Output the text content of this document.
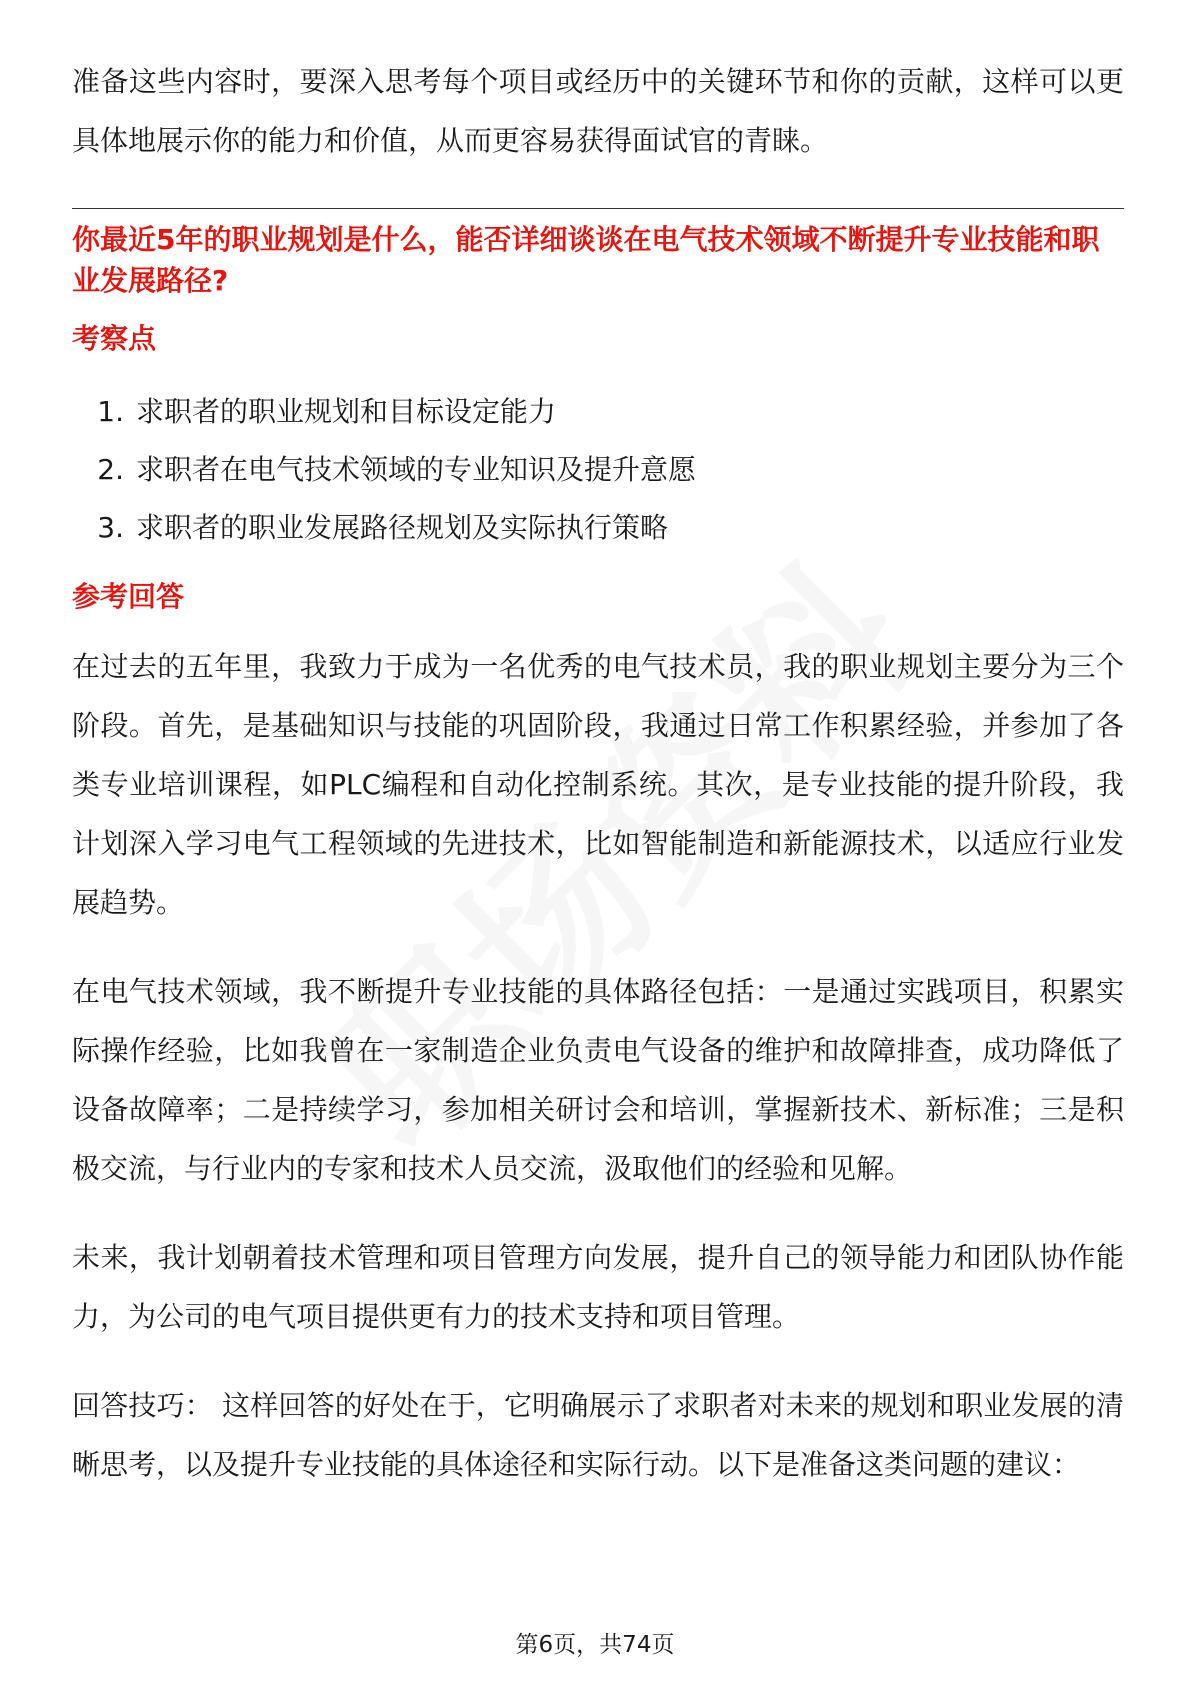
准备这些内容时，要深入思考每个项目或经历中的关键环节和你的贡献，这样可以更具体地展示你的能力和价值，从而更容易获得面试官的青睐。

你最近5年的职业规划是什么，能否详细谈谈在电气技术领域不断提升专业技能和职业发展路径?

考察点
1. 求职者的职业规划和目标设定能力
2. 求职者在电气技术领域的专业知识及提升意愿
3. 求职者的职业发展路径规划及实际执行策略
参考回答

在过去的五年里，我致力于成为一名优秀的电气技术员，我的职业规划主要分为三个阶段。首先，是基础知识与技能的巩固阶段，我通过日常工作积累经验，并参加了各类专业培训课程，如PLC编程和自动化控制系统。其次，是专业技能的提升阶段，我计划深入学习电气工程领域的先进技术，比如智能制造和新能源技术，以适应行业发展趋势。

在电气技术领域，我不断提升专业技能的具体路径包括：一是通过实践项目，积累实际操作经验，比如我曾在一家制造企业负责电气设备的维护和故障排查，成功降低了设备故障率；二是持续学习，参加相关研讨会和培训，掌握新技术、新标准；三是积极交流，与行业内的专家和技术人员交流，汲取他们的经验和见解。

未来，我计划朝着技术管理和项目管理方向发展，提升自己的领导能力和团队协作能力，为公司的电气项目提供更有力的技术支持和项目管理。

回答技巧： 这样回答的好处在于，它明确展示了求职者对未来的规划和职业发展的清晰思考，以及提升专业技能的具体途径和实际行动。以下是准备这类问题的建议：

第6页，共74页
